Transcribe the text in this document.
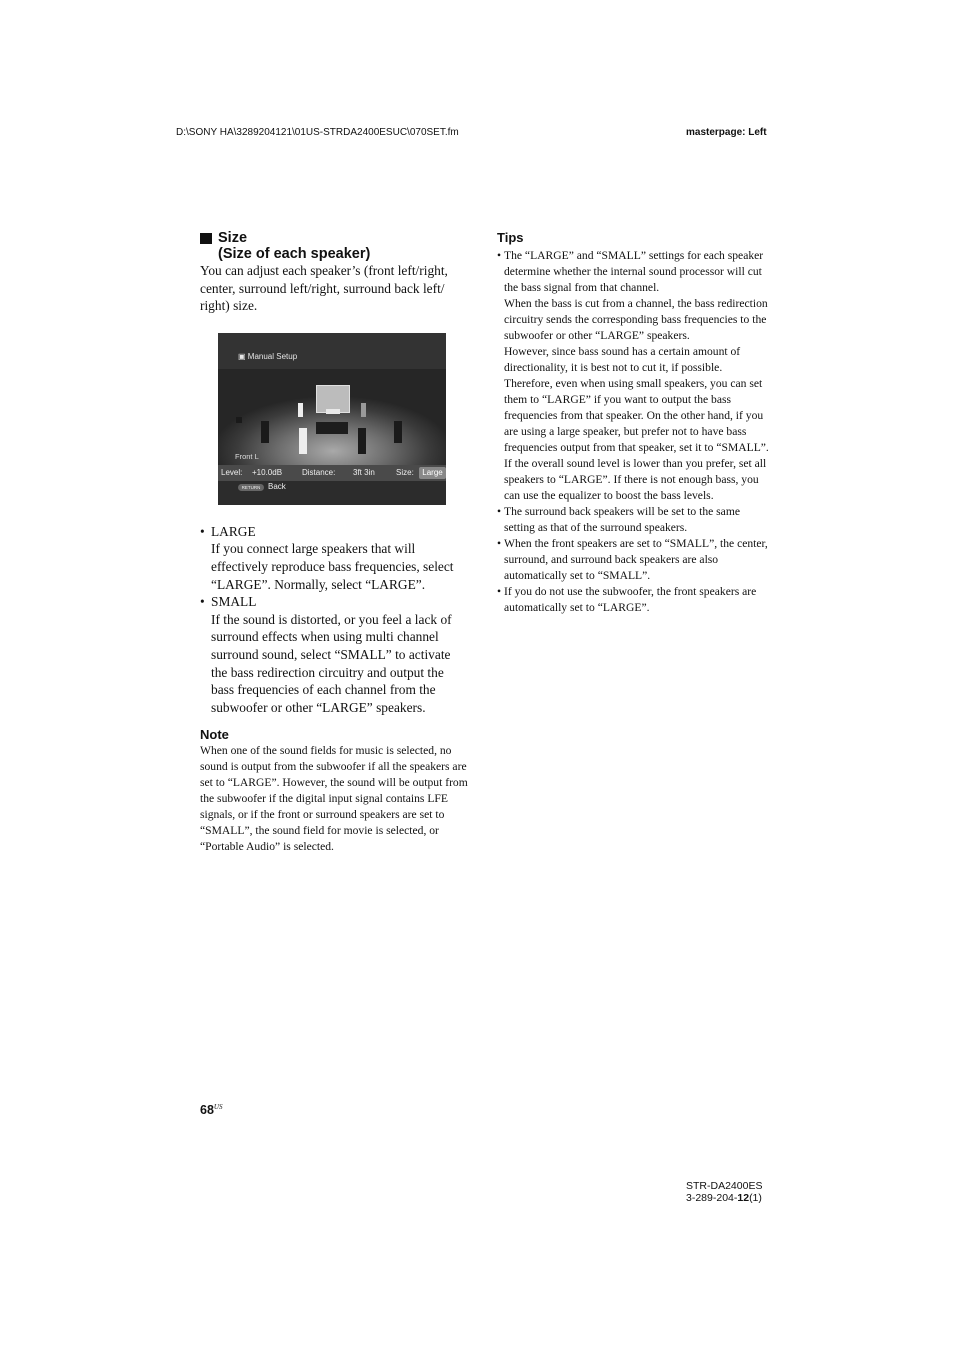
D:\SONY HA\3289204121\01US-STRDA2400ESUC\070SET.fm	masterpage: Left
Size
(Size of each speaker)

You can adjust each speaker’s (front left/right, center, surround left/right, surround back left/ right) size.

▣ Manual Setup
Front L
Level: +10.0dB Distance: 3ft 3in	Size:	Large
RETURN Back
• LARGE
If you connect large speakers that will effectively reproduce bass frequencies, select “LARGE”. Normally, select “LARGE”.
• SMALL
If the sound is distorted, or you feel a lack of surround effects when using multi channel surround sound, select “SMALL” to activate the bass redirection circuitry and output the bass frequencies of each channel from the subwoofer or other “LARGE” speakers.
Note

When one of the sound fields for music is selected, no sound is output from the subwoofer if all the speakers are set to “LARGE”. However, the sound will be output from the subwoofer if the digital input signal contains LFE signals, or if the front or surround speakers are set to “SMALL”, the sound field for movie is selected, or “Portable Audio” is selected.

Tips
• The “LARGE” and “SMALL” settings for each speaker determine whether the internal sound processor will cut the bass signal from that channel.
When the bass is cut from a channel, the bass redirection circuitry sends the corresponding bass frequencies to the subwoofer or other “LARGE” speakers.
However, since bass sound has a certain amount of directionality, it is best not to cut it, if possible. Therefore, even when using small speakers, you can set them to “LARGE” if you want to output the bass frequencies from that speaker. On the other hand, if you are using a large speaker, but prefer not to have bass frequencies output from that speaker, set it to “SMALL”.
If the overall sound level is lower than you prefer, set all speakers to “LARGE”. If there is not enough bass, you can use the equalizer to boost the bass levels.
• The surround back speakers will be set to the same setting as that of the surround speakers.
• When the front speakers are set to “SMALL”, the center, surround, and surround back speakers are also automatically set to “SMALL”.
• If you do not use the subwoofer, the front speakers are automatically set to “LARGE”.
$68^{US}$
STR-DA2400ES
3-289-204-12(1)
